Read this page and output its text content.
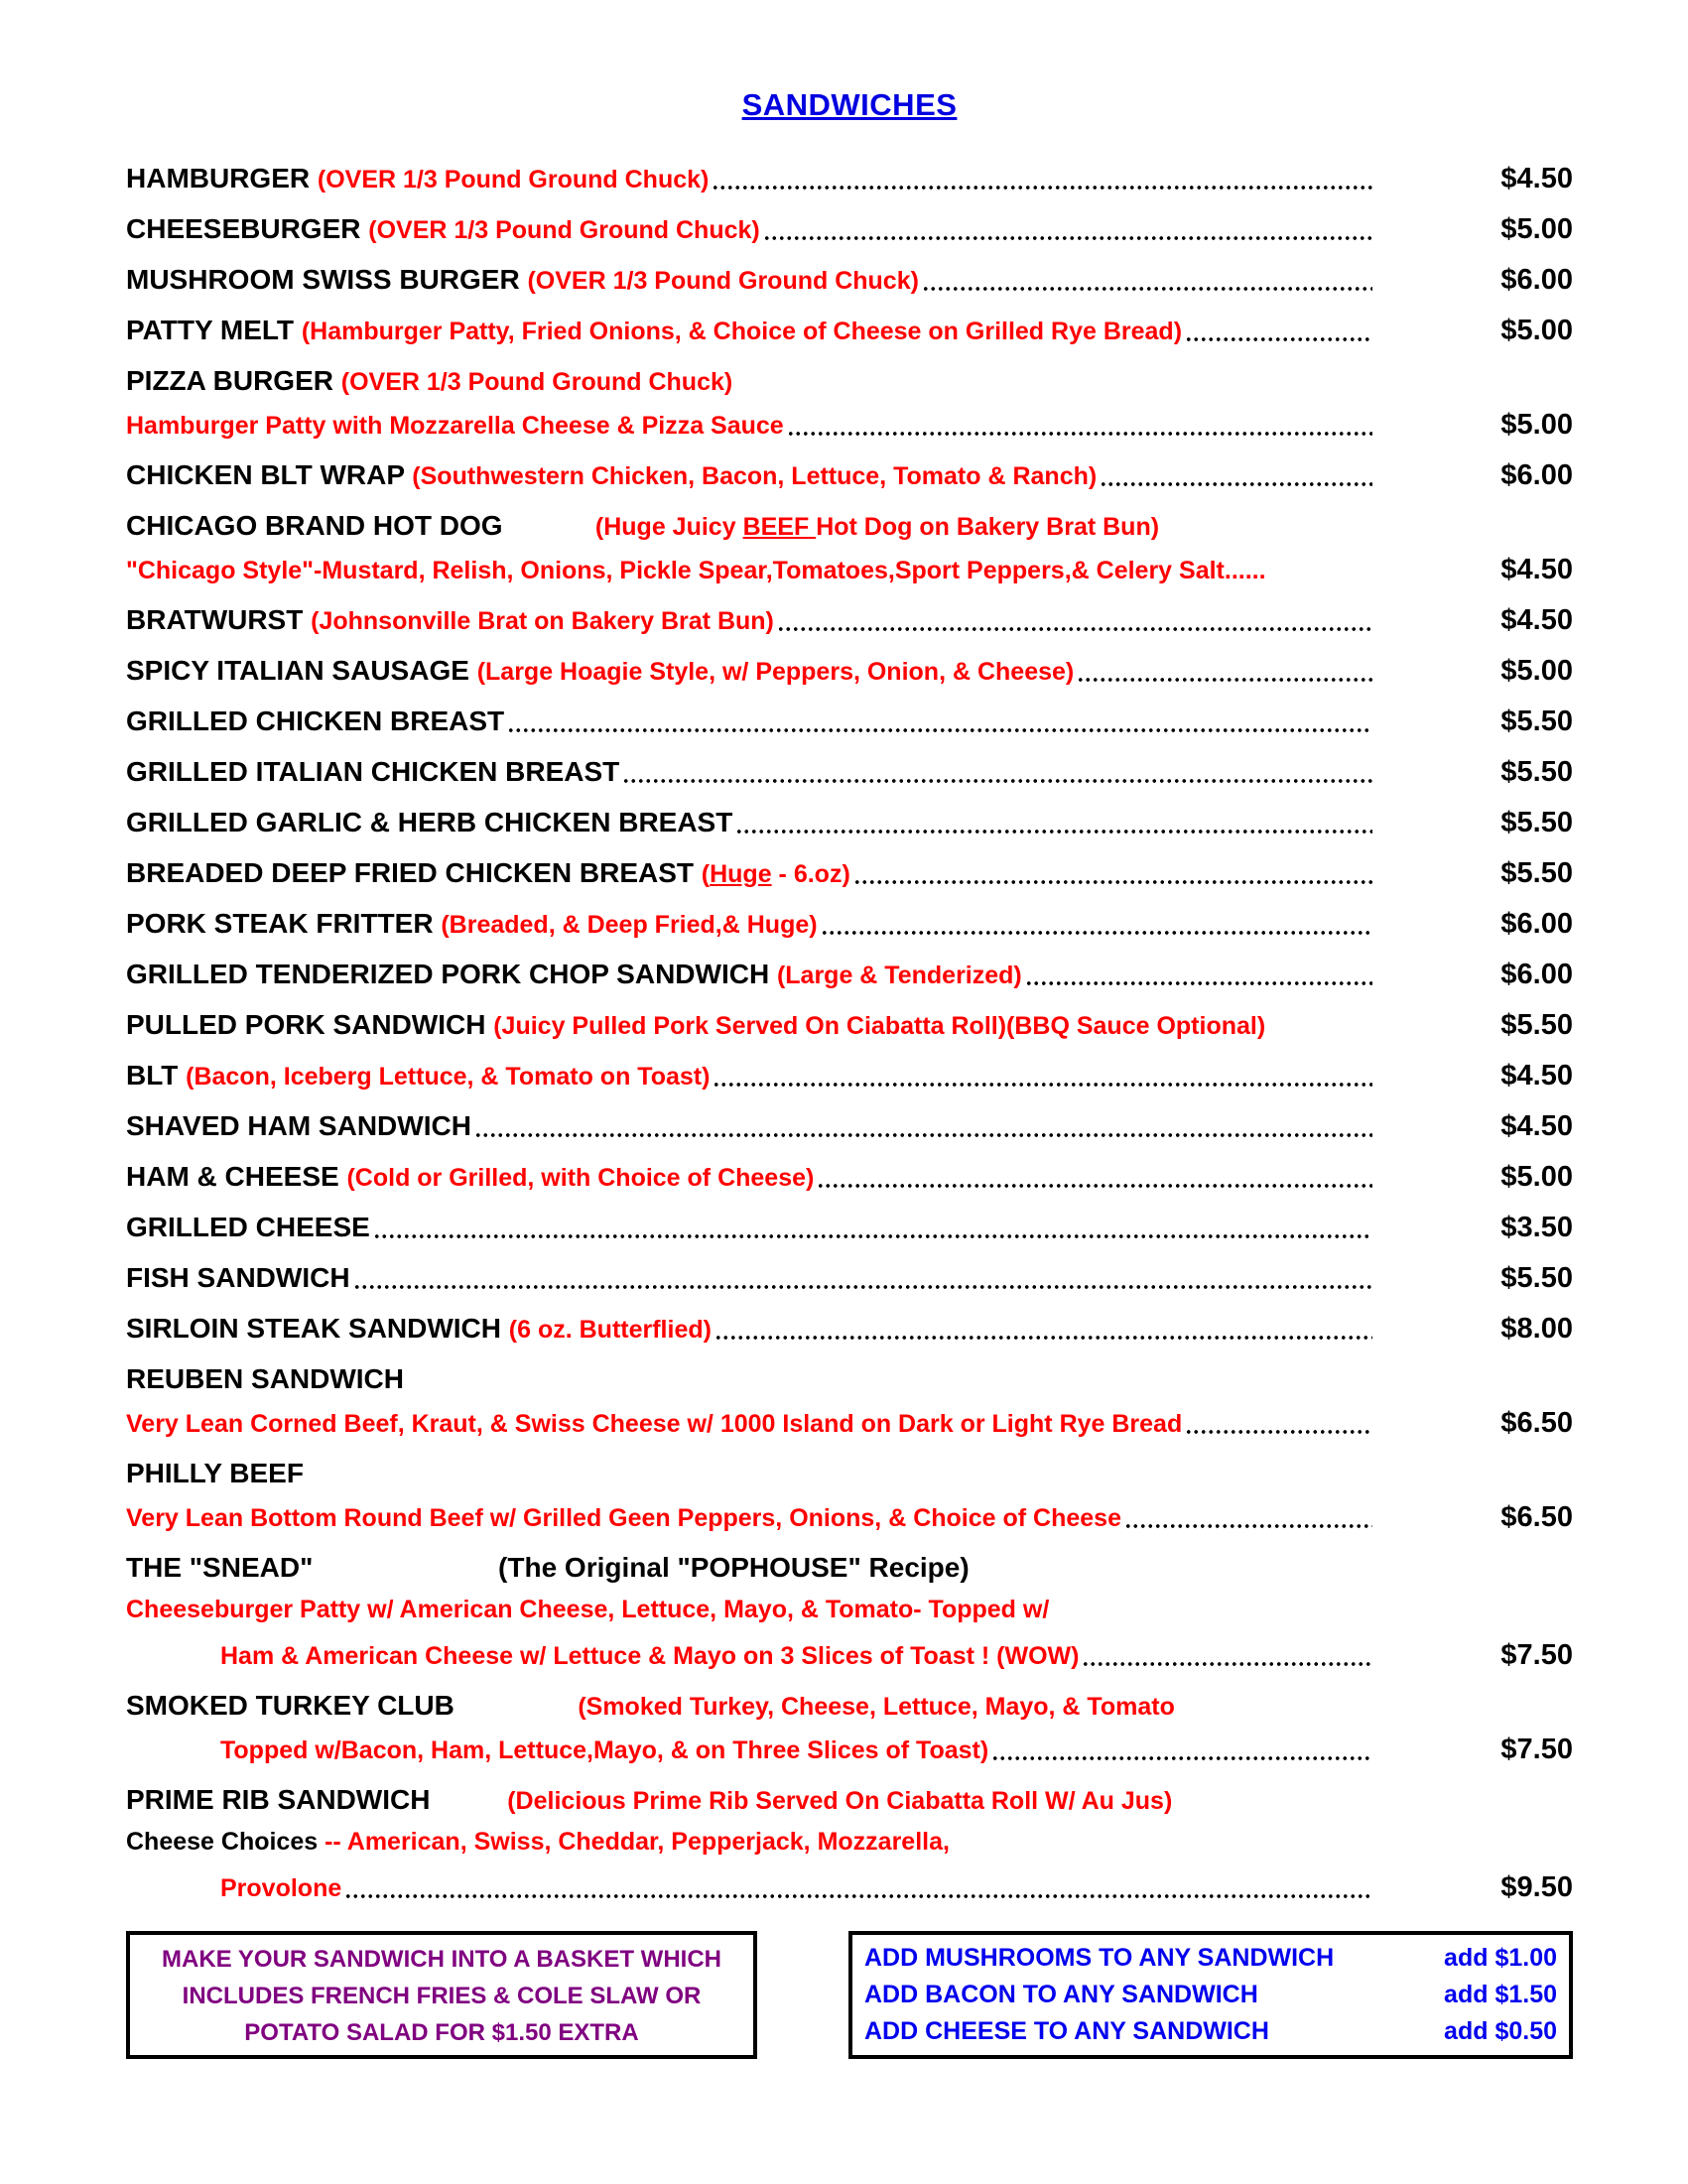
SANDWICHES
HAMBURGER (OVER 1/3 Pound Ground Chuck)	$4.50
CHEESEBURGER (OVER 1/3 Pound Ground Chuck)	$5.00
MUSHROOM SWISS BURGER (OVER 1/3 Pound Ground Chuck)	$6.00
PATTY MELT (Hamburger Patty, Fried Onions, & Choice of Cheese on Grilled Rye Bread)	$5.00
PIZZA BURGER (OVER 1/3 Pound Ground Chuck)
Hamburger Patty with Mozzarella Cheese & Pizza Sauce	$5.00
CHICKEN BLT WRAP (Southwestern Chicken, Bacon, Lettuce, Tomato & Ranch)	$6.00
CHICAGO BRAND HOT DOG (Huge Juicy BEEF Hot Dog on Bakery Brat Bun)
"Chicago Style"-Mustard, Relish, Onions, Pickle Spear,Tomatoes,Sport Peppers,& Celery Salt......	$4.50
BRATWURST (Johnsonville Brat on Bakery Brat Bun)	$4.50
SPICY ITALIAN SAUSAGE (Large Hoagie Style, w/ Peppers, Onion, & Cheese)	$5.00
GRILLED CHICKEN BREAST	$5.50
GRILLED ITALIAN CHICKEN BREAST	$5.50
GRILLED GARLIC & HERB CHICKEN BREAST	$5.50
BREADED DEEP FRIED CHICKEN BREAST ( Huge - 6.oz)	$5.50
PORK STEAK FRITTER (Breaded, & Deep Fried,& Huge)	$6.00
GRILLED TENDERIZED PORK CHOP SANDWICH (Large & Tenderized)	$6.00
PULLED PORK SANDWICH (Juicy Pulled Pork Served On Ciabatta Roll)(BBQ Sauce Optional)	$5.50
BLT (Bacon, Iceberg Lettuce, & Tomato on Toast)	$4.50
SHAVED HAM SANDWICH	$4.50
HAM & CHEESE (Cold or Grilled, with Choice of Cheese)	$5.00
GRILLED CHEESE	$3.50
FISH SANDWICH	$5.50
SIRLOIN STEAK SANDWICH (6 oz. Butterflied)	$8.00
REUBEN SANDWICH
Very Lean Corned Beef, Kraut, & Swiss Cheese w/ 1000 Island on Dark or Light Rye Bread	$6.50
PHILLY BEEF
Very Lean Bottom Round Beef w/ Grilled Geen Peppers, Onions, & Choice of Cheese	$6.50
THE "SNEAD" (The Original "POPHOUSE" Recipe)
Cheeseburger Patty w/ American Cheese, Lettuce, Mayo, & Tomato- Topped w/
Ham & American Cheese w/ Lettuce & Mayo on 3 Slices of Toast ! (WOW)	$7.50
SMOKED TURKEY CLUB (Smoked Turkey, Cheese, Lettuce, Mayo, & Tomato
Topped w/Bacon, Ham, Lettuce,Mayo, & on Three Slices of Toast)	$7.50
PRIME RIB SANDWICH (Delicious Prime Rib Served On Ciabatta Roll W/ Au Jus)
Cheese Choices -- American, Swiss, Cheddar, Pepperjack, Mozzarella,
Provolone	$9.50

MAKE YOUR SANDWICH INTO A BASKET WHICH

INCLUDES FRENCH FRIES & COLE SLAW OR

POTATO SALAD FOR $1.50 EXTRA

ADD MUSHROOMS TO ANY SANDWICH	add $1.00
ADD BACON TO ANY SANDWICH	add $1.50
ADD CHEESE TO ANY SANDWICH	add $0.50
